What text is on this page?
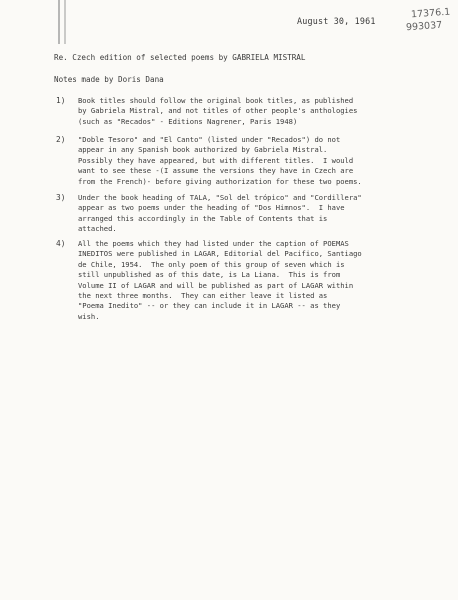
August 30, 1961
17376.1
993037
Re. Czech edition of selected poems by GABRIELA MISTRAL
Notes made by Doris Dana
1) Book titles should follow the original book titles, as published
by Gabriela Mistral, and not titles of other people's anthologies
(such as "Recados" - Editions Nagrener, Paris 1948)
2) "Doble Tesoro" and "El Canto" (listed under "Recados") do not
appear in any Spanish book authorized by Gabriela Mistral.
Possibly they have appeared, but with different titles.  I would
want to see these -(I assume the versions they have in Czech are
from the French)- before giving authorization for these two poems.
3) Under the book heading of TALA, "Sol del trópico" and "Cordillera"
appear as two poems under the heading of "Dos Himnos".  I have
arranged this accordingly in the Table of Contents that is
attached.
4) All the poems which they had listed under the caption of POEMAS
INEDITOS were published in LAGAR, Editorial del Pacifico, Santiago
de Chile, 1954.  The only poem of this group of seven which is
still unpublished as of this date, is La Liana.  This is from
Volume II of LAGAR and will be published as part of LAGAR within
the next three months.  They can either leave it listed as
"Poema Inedito" -- or they can include it in LAGAR -- as they
wish.
